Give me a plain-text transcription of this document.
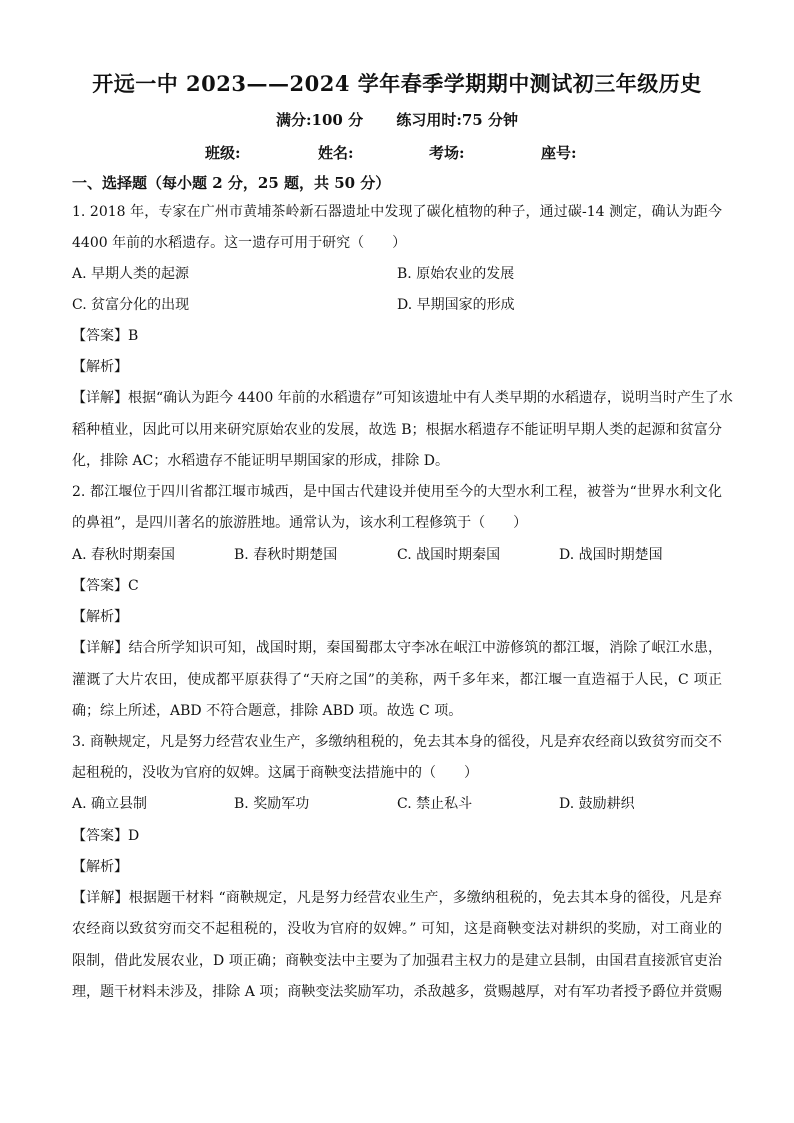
开远一中 2023——2024 学年春季学期期中测试初三年级历史
满分:100 分 练习用时:75 分钟
班级:	姓名:	考场:	座号:
一、选择题（每小题 2 分，25 题，共 50 分）
1. 2018 年，专家在广州市黄埔茶岭新石器遗址中发现了碳化植物的种子，通过碳-14 测定，确认为距今
4400 年前的水稻遗存。这一遗存可用于研究（　　）
A. 早期人类的起源	B. 原始农业的发展
C. 贫富分化的出现	D. 早期国家的形成
【答案】B
【解析】
【详解】根据“确认为距今 4400 年前的水稻遗存”可知该遗址中有人类早期的水稻遗存，说明当时产生了水
稻种植业，因此可以用来研究原始农业的发展，故选 B；根据水稻遗存不能证明早期人类的起源和贫富分
化，排除 AC；水稻遗存不能证明早期国家的形成，排除 D。
2. 都江堰位于四川省都江堰市城西，是中国古代建设并使用至今的大型水利工程，被誉为“世界水利文化
的鼻祖”，是四川著名的旅游胜地。通常认为，该水利工程修筑于（　　）
A. 春秋时期秦国	B. 春秋时期楚国	C. 战国时期秦国	D. 战国时期楚国
【答案】C
【解析】
【详解】结合所学知识可知，战国时期，秦国蜀郡太守李冰在岷江中游修筑的都江堰，消除了岷江水患，
灌溉了大片农田，使成都平原获得了“天府之国”的美称，两千多年来，都江堰一直造福于人民，C 项正
确；综上所述，ABD 不符合题意，排除 ABD 项。故选 C 项。
3. 商鞅规定，凡是努力经营农业生产，多缴纳租税的，免去其本身的徭役，凡是弃农经商以致贫穷而交不
起租税的，没收为官府的奴婢。这属于商鞅变法措施中的（　　）
A. 确立县制	B. 奖励军功	C. 禁止私斗	D. 鼓励耕织
【答案】D
【解析】
【详解】根据题干材料 “商鞅规定，凡是努力经营农业生产，多缴纳租税的，免去其本身的徭役，凡是弃
农经商以致贫穷而交不起租税的，没收为官府的奴婢。” 可知，这是商鞅变法对耕织的奖励，对工商业的
限制，借此发展农业，D 项正确；商鞅变法中主要为了加强君主权力的是建立县制，由国君直接派官吏治
理，题干材料未涉及，排除 A 项；商鞅变法奖励军功，杀敌越多，赏赐越厚，对有军功者授予爵位并赏赐
